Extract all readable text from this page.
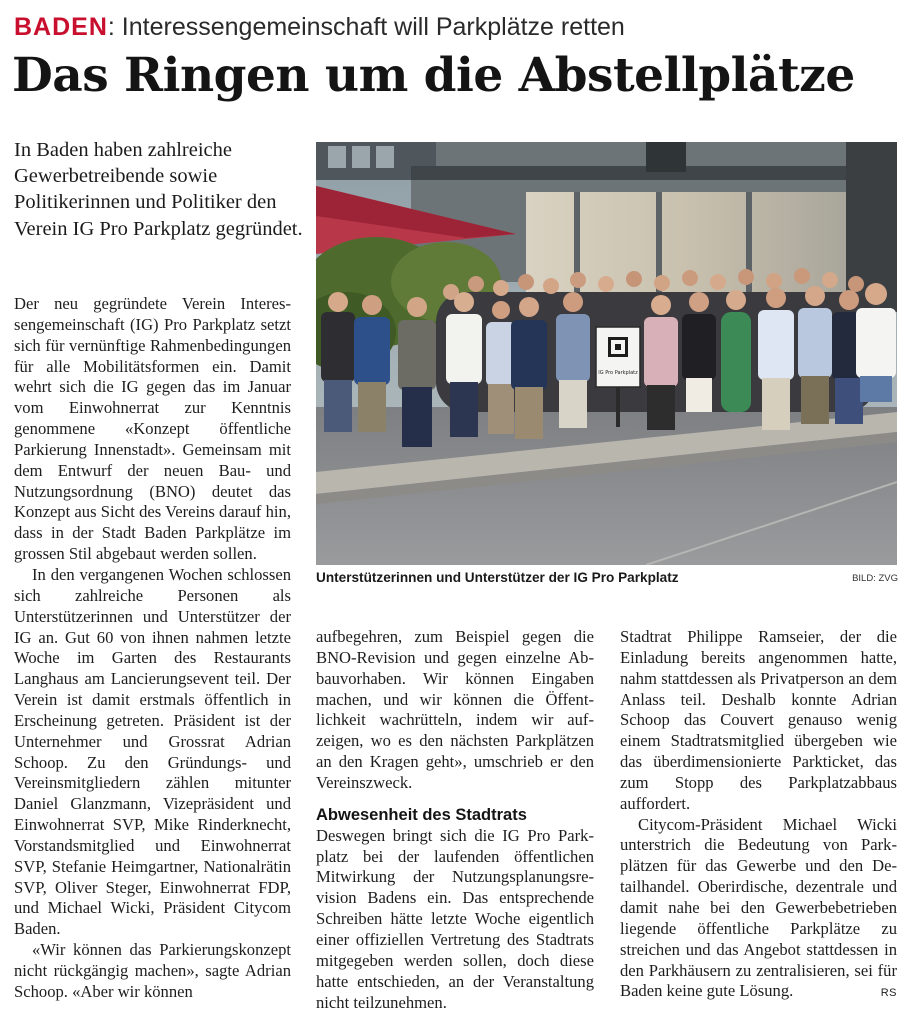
BADEN: Interessengemeinschaft will Parkplätze retten
Das Ringen um die Abstellplätze

In Baden haben zahlreiche Gewerbetreibende sowie Politikerinnen und Politiker den Verein IG Pro Parkplatz gegründet.

Der neu gegründete Verein Interessengemeinschaft (IG) Pro Parkplatz setzt sich für vernünftige Rahmenbedingungen für alle Mobilitätsformen ein. Damit wehrt sich die IG gegen das im Januar vom Einwohnerrat zur Kenntnis genommene «Konzept öffentliche Parkierung Innenstadt». Gemeinsam mit dem Entwurf der neuen Bau- und Nutzungsordnung (BNO) deutet das Konzept aus Sicht des Vereins darauf hin, dass in der Stadt Baden Parkplätze im grossen Stil abgebaut werden sollen.

In den vergangenen Wochen schlossen sich zahlreiche Personen als Unterstützerinnen und Unterstützer der IG an. Gut 60 von ihnen nahmen letzte Woche im Garten des Restaurants Langhaus am Lancierungsevent teil. Der Verein ist damit erstmals öffentlich in Erscheinung getreten. Präsident ist der Unternehmer und Grossrat Adrian Schoop. Zu den Gründungs- und Vereinsmitgliedern zählen mitunter Daniel Glanzmann, Vizepräsident und Einwohnerrat SVP, Mike Rinderknecht, Vorstandsmitglied und Einwohnerrat SVP, Stefanie Heimgartner, Nationalrätin SVP, Oliver Steger, Einwohnerrat FDP, und Michael Wicki, Präsident Citycom Baden.

«Wir können das Parkierungskonzept nicht rückgängig machen», sagte Adrian Schoop. «Aber wir können

IG Pro Parkplatz
Unterstützerinnen und Unterstützer der IG Pro Parkplatz	BILD: ZVG

aufbegehren, zum Beispiel gegen die BNO-Revision und gegen einzelne Abbauvorhaben. Wir können Eingaben machen, und wir können die Öffentlichkeit wachrütteln, indem wir aufzeigen, wo es den nächsten Parkplätzen an den Kragen geht», umschrieb er den Vereinszweck.

Abwesenheit des Stadtrats

Deswegen bringt sich die IG Pro Parkplatz bei der laufenden öffentlichen Mitwirkung der Nutzungsplanungsrevision Badens ein. Das entsprechende Schreiben hätte letzte Woche eigentlich einer offiziellen Vertretung des Stadtrats mitgegeben werden sollen, doch diese hatte entschieden, an der Veranstaltung nicht teilzunehmen.

Stadtrat Philippe Ramseier, der die Einladung bereits angenommen hatte, nahm stattdessen als Privatperson an dem Anlass teil. Deshalb konnte Adrian Schoop das Couvert genauso wenig einem Stadtratsmitglied übergeben wie das überdimensionierte Parkticket, das zum Stopp des Parkplatzabbaus auffordert.

Citycom-Präsident Michael Wicki unterstrich die Bedeutung von Parkplätzen für das Gewerbe und den Detailhandel. Oberirdische, dezentrale und damit nahe bei den Gewerbebetrieben liegende öffentliche Parkplätze zu streichen und das Angebot stattdessen in den Parkhäusern zu zentralisieren, sei für Baden keine gute Lösung.	RS
